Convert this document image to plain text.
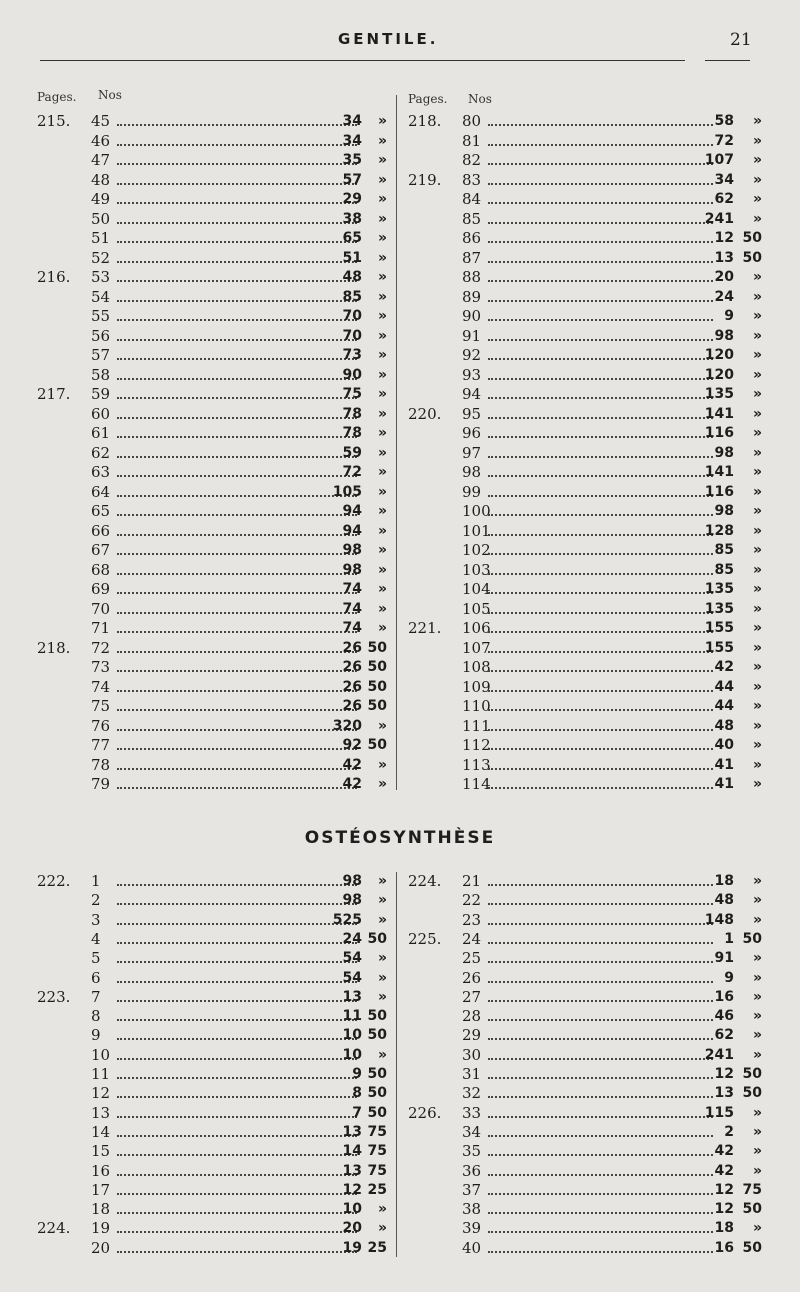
GENTILE.	21
Pages. Nos	Pages. Nos
OSTÉOSYNTHÈSE
215.	45	34 »
46	34 »
47	35 »
48	57 »
49	29 »
50	38 »
51	65 »
52	51 »
216.	53	48 »
54	85 »
55	70 »
56	70 »
57	73 »
58	90 »
217.	59	75 »
60	78 »
61	78 »
62	59 »
63	72 »
64	105 »
65	94 »
66	94 »
67	98 »
68	98 »
69	74 »
70	74 »
71	74 »
218.	72	26 50
73	26 50
74	26 50
75	26 50
76	320 »
77	92 50
78	42 »
79	42 »
218.	80	58 »
81	72 »
82	107 »
219.	83	34 »
84	62 »
85	241 »
86	12 50
87	13 50
88	20 »
89	24 »
90	9 »
91	98 »
92	120 »
93	120 »
94	135 »
220.	95	141 »
96	116 »
97	98 »
98	141 »
99	116 »
100	98 »
101	128 »
102	85 »
103	85 »
104	135 »
105	135 »
221.	106	155 »
107	155 »
108	42 »
109	44 »
110	44 »
111	48 »
112	40 »
113	41 »
114	41 »
222.	1	98 »
2	98 »
3	525 »
4	24 50
5	54 »
6	54 »
223.	7	13 »
8	11 50
9	10 50
10	10 »
11	9 50
12	8 50
13	7 50
14	13 75
15	14 75
16	13 75
17	12 25
18	10 »
224.	19	20 »
20	19 25
224.	21	18 »
22	48 »
23	148 »
225.	24	1 50
25	91 »
26	9 »
27	16 »
28	46 »
29	62 »
30	241 »
31	12 50
32	13 50
226.	33	115 »
34	2 »
35	42 »
36	42 »
37	12 75
38	12 50
39	18 »
40	16 50
